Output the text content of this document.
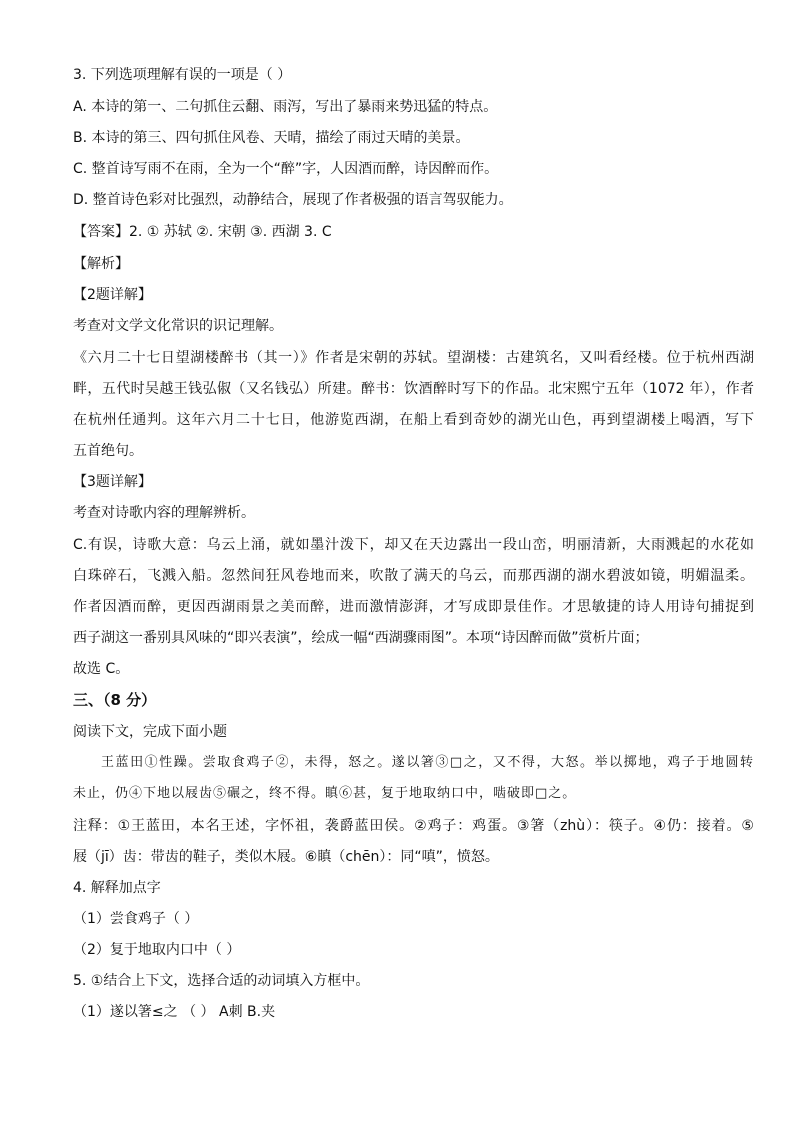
3. 下列选项理解有误的一项是（ ）
A. 本诗的第一、二句抓住云翻、雨泻，写出了暴雨来势迅猛的特点。
B. 本诗的第三、四句抓住风卷、天晴，描绘了雨过天晴的美景。
C. 整首诗写雨不在雨，全为一个“醉”字，人因酒而醉，诗因醉而作。
D. 整首诗色彩对比强烈，动静结合，展现了作者极强的语言驾驭能力。
【答案】2. ① 苏轼 ②. 宋朝 ③. 西湖 3. C
【解析】
【2题详解】
考查对文学文化常识的识记理解。
《六月二十七日望湖楼醉书（其一）》作者是宋朝的苏轼。望湖楼：古建筑名，又叫看经楼。位于杭州西湖
畔，五代时吴越王钱弘俶（又名钱弘）所建。醉书：饮酒醉时写下的作品。北宋熙宁五年（1072 年），作者
在杭州任通判。这年六月二十七日，他游览西湖，在船上看到奇妙的湖光山色，再到望湖楼上喝酒，写下
五首绝句。
【3题详解】
考查对诗歌内容的理解辨析。
C.有误，诗歌大意：乌云上涌，就如墨汁泼下，却又在天边露出一段山峦，明丽清新，大雨溅起的水花如
白珠碎石，飞溅入船。忽然间狂风卷地而来，吹散了满天的乌云，而那西湖的湖水碧波如镜，明媚温柔。
作者因酒而醉，更因西湖雨景之美而醉，进而激情澎湃，才写成即景佳作。才思敏捷的诗人用诗句捕捉到
西子湖这一番别具风味的“即兴表演”，绘成一幅“西湖骤雨图”。本项“诗因醉而做”赏析片面；
故选 C。
三、（8 分）
阅读下文，完成下面小题
王蓝田①性躁。尝取食鸡子②，未得，怒之。遂以箸③□之，又不得，大怒。举以掷地，鸡子于地圆转
未止，仍④下地以屐齿⑤碾之，终不得。瞋⑥甚，复于地取纳口中，啮破即□之。
注释：①王蓝田，本名王述，字怀祖，袭爵蓝田侯。②鸡子：鸡蛋。③箸（zhù）：筷子。④仍：接着。⑤
屐（jī）齿：带齿的鞋子，类似木屐。⑥瞋（chēn）：同“嗔”，愤怒。
4. 解释加点字
（1）尝食鸡子（ ）
（2）复于地取内口中（ ）
5. ①结合上下文，选择合适的动词填入方框中。
（1）遂以箸≤之 （ ） A刺 B.夹
